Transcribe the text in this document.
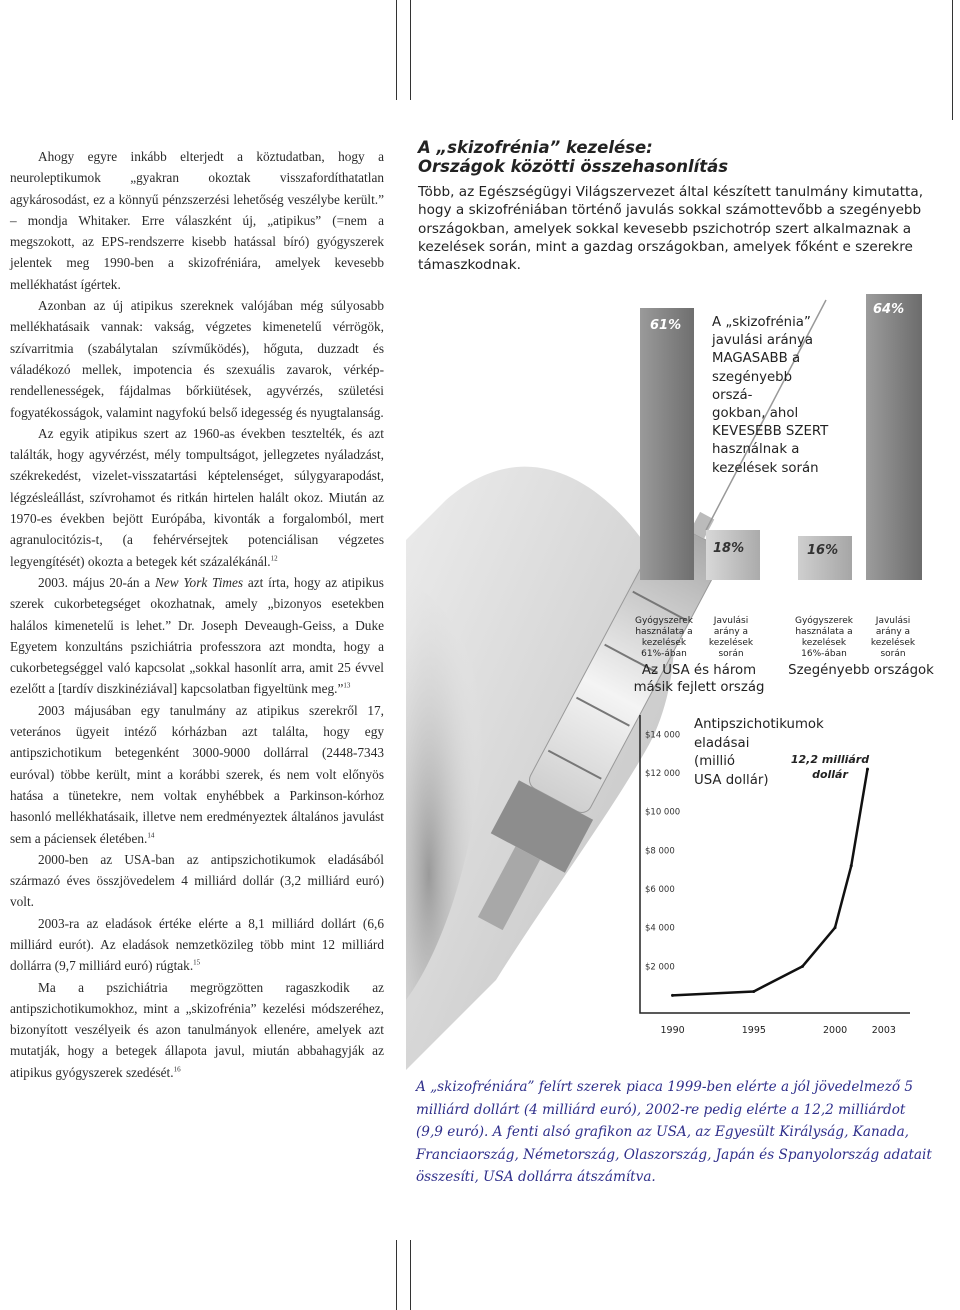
Ahogy egyre inkább elterjedt a köztudatban, hogy a neuroleptikumok „gyakran okoztak visszafordíthatatlan agykárosodást, ez a könnyű pénzszerzési lehetőség veszélybe került.” – mondja Whitaker. Erre válaszként új, „atipikus” (=nem a megszokott, az EPS-rendszerre kisebb hatással bíró) gyógyszerek jelentek meg 1990-ben a skizofréniára, amelyek kevesebb mellékhatást ígértek.

Azonban az új atipikus szereknek valójában még súlyosabb mellékhatásaik vannak: vakság, végzetes kimenetelű vérrögök, szívarritmia (szabálytalan szívműködés), hőguta, duzzadt és váladékozó mellek, impotencia és szexuális zavarok, vérkép-rendellenességek, fájdalmas bőrkiütések, agyvérzés, születési fogyatékosságok, valamint nagyfokú belső idegesség és nyugtalanság.

Az egyik atipikus szert az 1960-as években tesztelték, és azt találták, hogy agyvérzést, mély tompultságot, jellegzetes nyáladzást, székrekedést, vizelet-visszatartási képtelenséget, súlygyarapodást, légzésleállást, szívrohamot és ritkán hirtelen halált okoz. Miután az 1970-es években bejött Európába, kivonták a forgalomból, mert agranulocitózis-t, (a fehérvérsejtek potenciálisan végzetes legyengítését) okozta a betegek két százalékánál.$^{12}$

2003. május 20-án a New York Times azt írta, hogy az atipikus szerek cukorbetegséget okozhatnak, amely „bizonyos esetekben halálos kimenetelű is lehet.” Dr. Joseph Deveaugh-Geiss, a Duke Egyetem konzultáns pszichiátria professzora azt mondta, hogy a cukorbetegséggel való kapcsolat „sokkal hasonlít arra, amit 25 évvel ezelőtt a [tardív diszkinéziával] kapcsolatban figyeltünk meg.”$^{13}$

2003 májusában egy tanulmány az atipikus szerekről 17, veterános ügyeit intéző kórházban azt találta, hogy egy antipszichotikum betegenként 3000-9000 dollárral (2448-7343 euróval) többe került, mint a korábbi szerek, és nem volt előnyös hatása a tünetekre, nem voltak enyhébbek a Parkinson-kórhoz hasonló mellékhatásaik, illetve nem eredményeztek általános javulást sem a páciensek életében.$^{14}$

2000-ben az USA-ban az antipszichotikumok eladásából származó éves összjövedelem 4 milliárd dollár (3,2 milliárd euró) volt.

2003-ra az eladások értéke elérte a 8,1 milliárd dollárt (6,6 milliárd eurót). Az eladások nemzetközileg több mint 12 milliárd dollárra (9,7 milliárd euró) rúgtak.$^{15}$

Ma a pszichiátria megrögzötten ragaszkodik az antipszichotikumokhoz, mint a „skizofrénia” kezelési módszeréhez, bizonyított veszélyeik és azon tanulmányok ellenére, amelyek azt mutatják, hogy a betegek állapota javul, miután abbahagyják az atipikus gyógyszerek szedését.$^{16}$

A „skizofrénia” kezelése:
Országok közötti összehasonlítás
Több, az Egészségügyi Világszervezet által készített tanulmány kimutatta, hogy a skizofréniában történő javulás sokkal számottevőbb a szegényebb országokban, amelyek sokkal kevesebb pszichotróp szert alkalmaznak a kezelések során, mint a gazdag országokban, amelyek főként e szerekre támaszkodnak.
61%
18%	16%
64%
A „skizofrénia”
javulási aránya
MAGASABB a
szegényebb orszá-
gokban, ahol
KEVESEBB SZERT
használnak a
kezelések során
Gyógyszerek
használata a
kezelések
61%-ában
Javulási
arány a
kezelések
során
Gyógyszerek
használata a
kezelések
16%-ában
Javulási
arány a
kezelések
során
Az USA és három
másik fejlett ország
Szegényebb országok
$14 000
$12 000
$10 000
$8 000
$6 000
$4 000
$2 000
1990	1995	2000	2003
Antipszichotikumok
eladásai
(millió
USA dollár)
12,2 milliárd
dollár
A „skizofréniára” felírt szerek piaca 1999-ben elérte a jól jövedelmező 5 milliárd dollárt (4 milliárd euró), 2002-re pedig elérte a 12,2 milliárdot (9,9 euró). A fenti alsó grafikon az USA, az Egyesült Királyság, Kanada, Franciaország, Németország, Olaszország, Japán és Spanyolország adatait összesíti, USA dollárra átszámítva.
